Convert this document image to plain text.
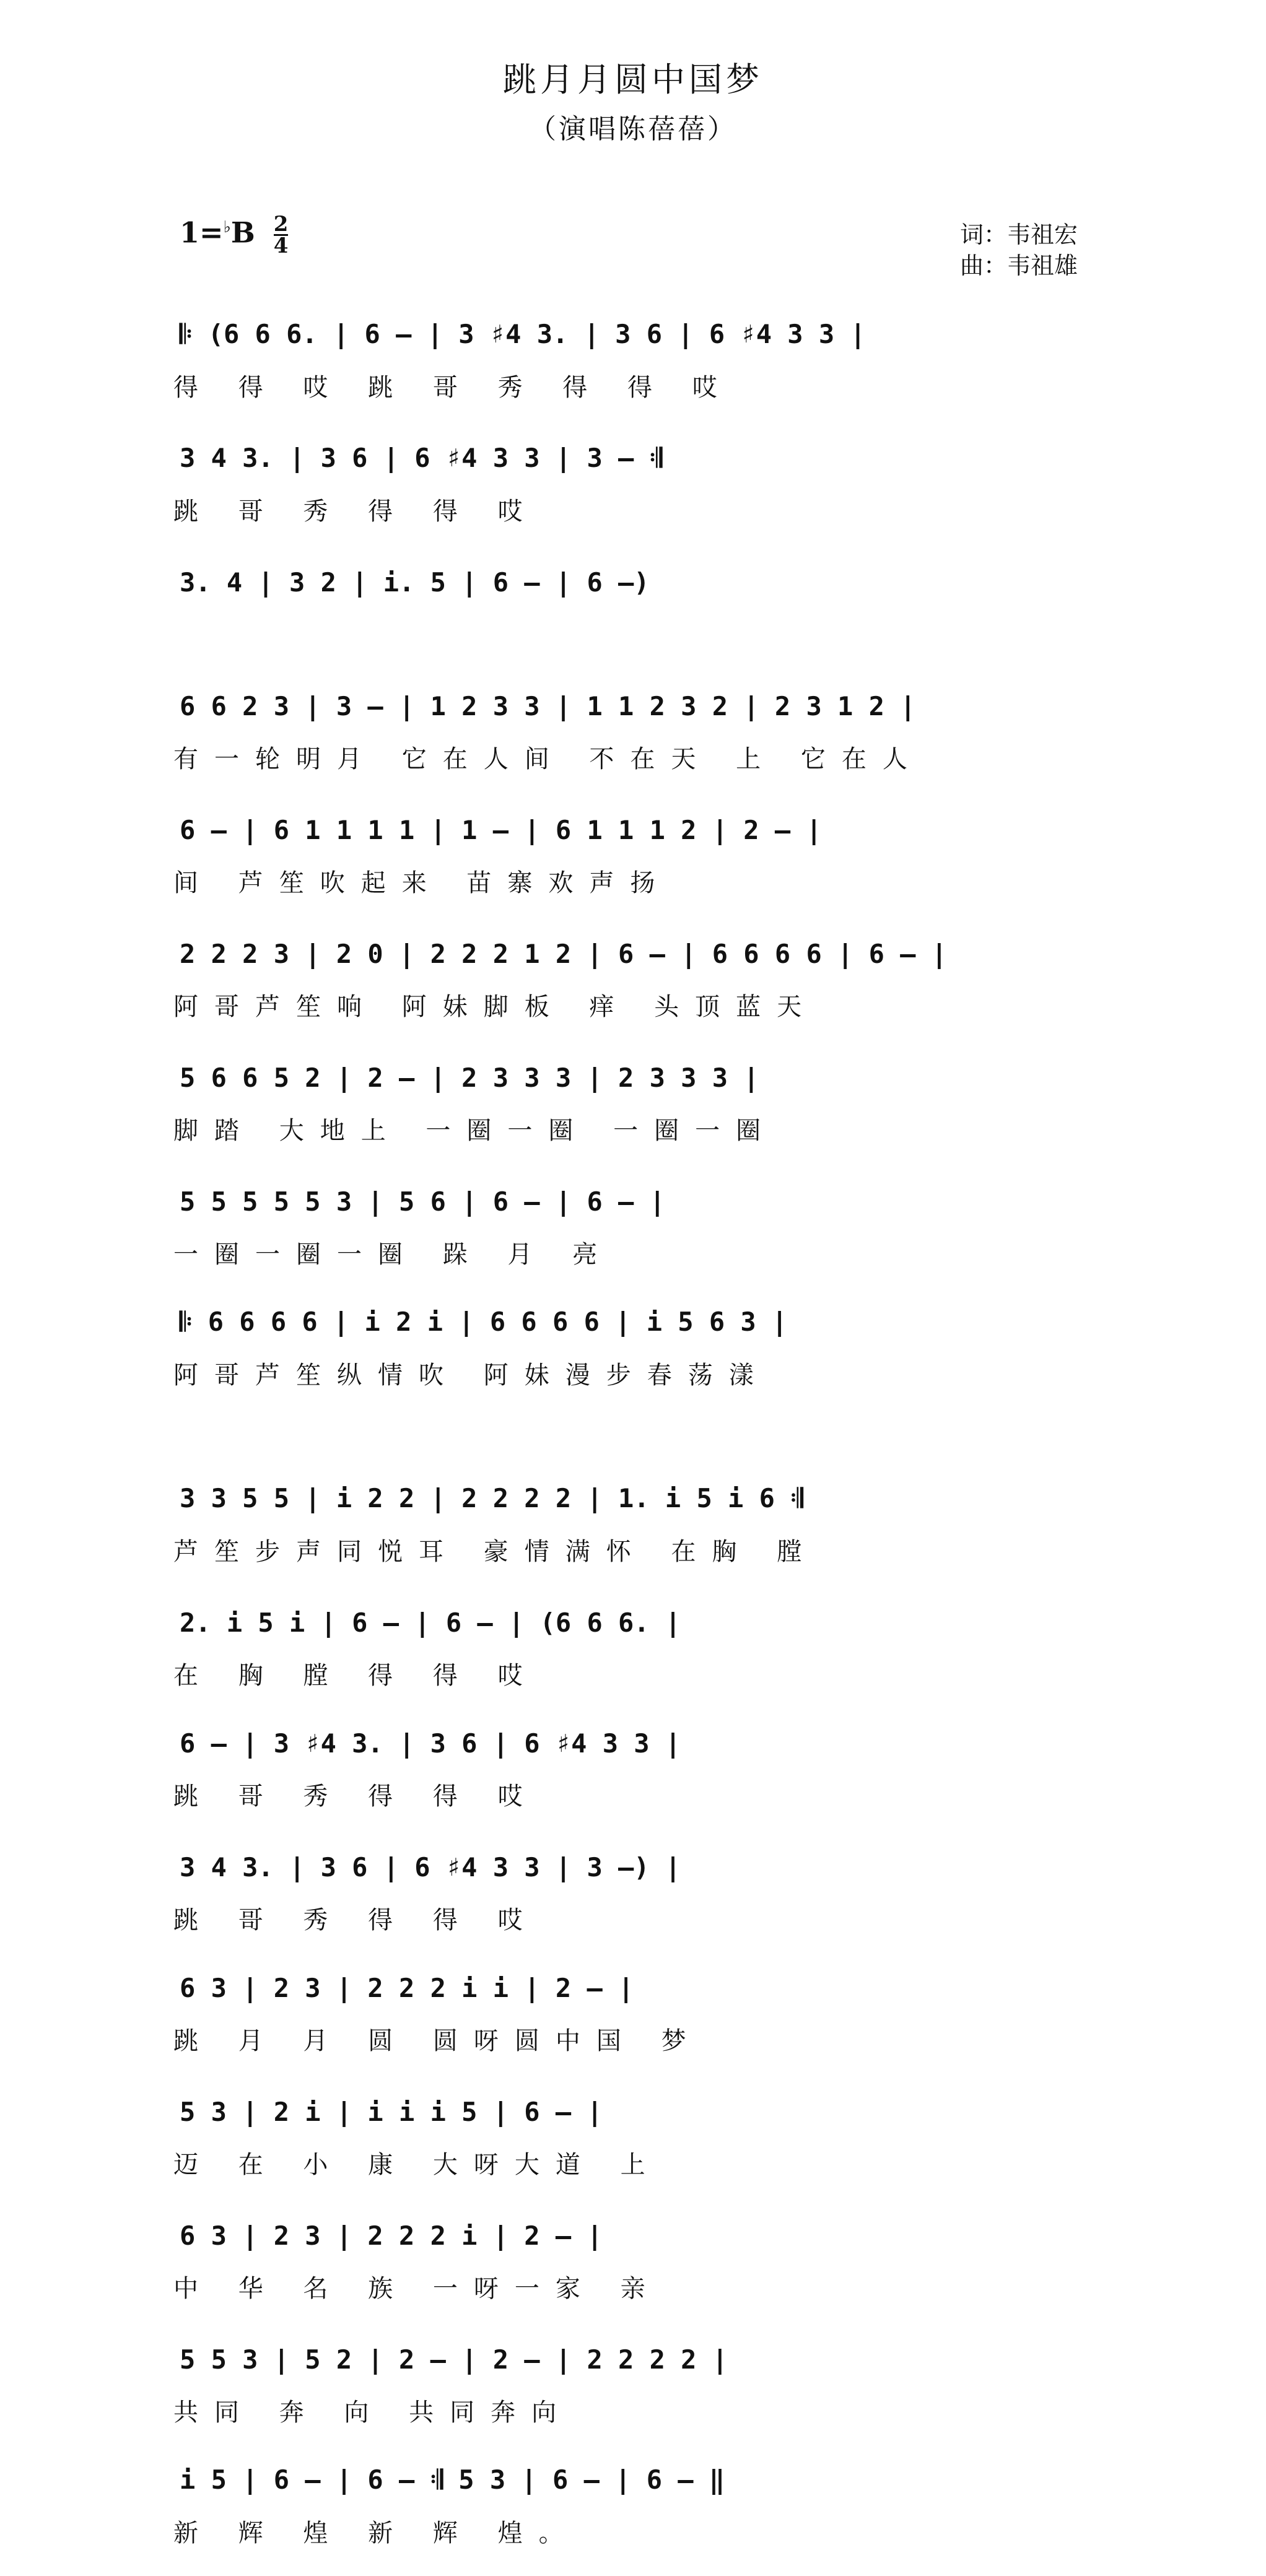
跳月月圆中国梦
（演唱陈蓓蓓）
$1=^♭B \frac{2}{4}$	词：韦祖宏
曲：韦祖雄
𝄆 (6 6 6. | 6 – | 3 ♯4 3. | 3 6 | 6 ♯4 3 3 |
得 得 哎 跳 哥 秀 得 得 哎
3 4 3. | 3 6 | 6 ♯4 3 3 | 3 – 𝄇
跳 哥 秀 得 得 哎
3. 4 | 3 2 | i. 5 | 6 – | 6 –)
6 6 2 3 | 3 – | 1 2 3 3 | 1 1 2 3 2 | 2 3 1 2 |
有一轮明月 它在人间 不在天 上 它在人
6 – | 6 1 1 1 1 | 1 – | 6 1 1 1 2 | 2 – |
间 芦笙吹起来 苗寨欢声扬
2 2 2 3 | 2 0 | 2 2 2 1 2 | 6 – | 6 6 6 6 | 6 – |
阿哥芦笙响 阿妹脚板 痒 头顶蓝天
5 6 6 5 2 | 2 – | 2 3 3 3 | 2 3 3 3 |
脚踏 大地上 一圈一圈 一圈一圈
5 5 5 5 5 3 | 5 6 | 6 – | 6 – |
一圈一圈一圈 跺 月 亮
𝄆 6 6 6 6 | i 2 i | 6 6 6 6 | i 5 6 3 |
阿哥芦笙纵情吹 阿妹漫步春荡漾
3 3 5 5 | i 2 2 | 2 2 2 2 | 1. i 5 i 6 𝄇
芦笙步声同悦耳 豪情满怀 在胸 膛
2. i 5 i | 6 – | 6 – | (6 6 6. |
在 胸 膛 得 得 哎
6 – | 3 ♯4 3. | 3 6 | 6 ♯4 3 3 |
跳 哥 秀 得 得 哎
3 4 3. | 3 6 | 6 ♯4 3 3 | 3 –) |
跳 哥 秀 得 得 哎
6 3 | 2 3 | 2 2 2 i i | 2 – |
跳 月 月 圆 圆呀圆中国 梦
5 3 | 2 i | i i i 5 | 6 – |
迈 在 小 康 大呀大道 上
6 3 | 2 3 | 2 2 2 i | 2 – |
中 华 名 族 一呀一家 亲
5 5 3 | 5 2 | 2 – | 2 – | 2 2 2 2 |
共同 奔 向 共同奔向
i 5 | 6 – | 6 – 𝄇 5 3 | 6 – | 6 – ‖
新 辉 煌 新 辉 煌。
